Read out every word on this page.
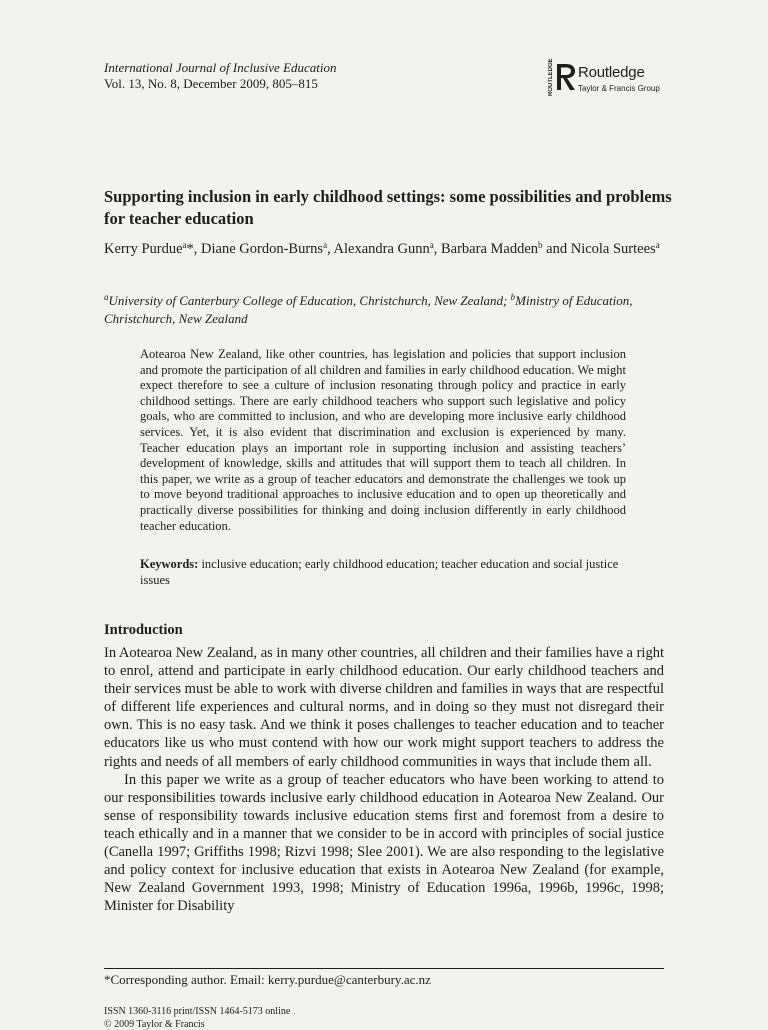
International Journal of Inclusive Education
Vol. 13, No. 8, December 2009, 805–815	ROUTLEDGE Routledge
Taylor & Francis Group
Supporting inclusion in early childhood settings: some possibilities and problems for teacher education
Kerry Purdue$^a$*, Diane Gordon-Burns$^a$, Alexandra Gunn$^a$, Barbara Madden$^b$ and Nicola Surtees$^a$
$^a$University of Canterbury College of Education, Christchurch, New Zealand; $^b$Ministry of Education, Christchurch, New Zealand
Aotearoa New Zealand, like other countries, has legislation and policies that support inclusion and promote the participation of all children and families in early childhood education. We might expect therefore to see a culture of inclusion resonating through policy and practice in early childhood settings. There are early childhood teachers who support such legislative and policy goals, who are committed to inclusion, and who are developing more inclusive early childhood services. Yet, it is also evident that discrimination and exclusion is experienced by many. Teacher education plays an important role in supporting inclusion and assisting teachers’ development of knowledge, skills and attitudes that will support them to teach all children. In this paper, we write as a group of teacher educators and demonstrate the challenges we took up to move beyond traditional approaches to inclusive education and to open up theoretically and practically diverse possibilities for thinking and doing inclusion differently in early childhood teacher education.
Keywords: inclusive education; early childhood education; teacher education and social justice issues
Introduction

In Aotearoa New Zealand, as in many other countries, all children and their families have a right to enrol, attend and participate in early childhood education. Our early childhood teachers and their services must be able to work with diverse children and families in ways that are respectful of different life experiences and cultural norms, and in doing so they must not disregard their own. This is no easy task. And we think it poses challenges to teacher education and to teacher educators like us who must contend with how our work might support teachers to address the rights and needs of all members of early childhood communities in ways that include them all.

In this paper we write as a group of teacher educators who have been working to attend to our responsibilities towards inclusive early childhood education in Aotearoa New Zealand. Our sense of responsibility towards inclusive education stems first and foremost from a desire to teach ethically and in a manner that we consider to be in accord with principles of social justice (Canella 1997; Griffiths 1998; Rizvi 1998; Slee 2001). We are also responding to the legislative and policy context for inclusive education that exists in Aotearoa New Zealand (for example, New Zealand Government 1993, 1998; Ministry of Education 1996a, 1996b, 1996c, 1998; Minister for Disability

*Corresponding author. Email: kerry.purdue@canterbury.ac.nz
ISSN 1360-3116 print/ISSN 1464-5173 online
© 2009 Taylor & Francis
